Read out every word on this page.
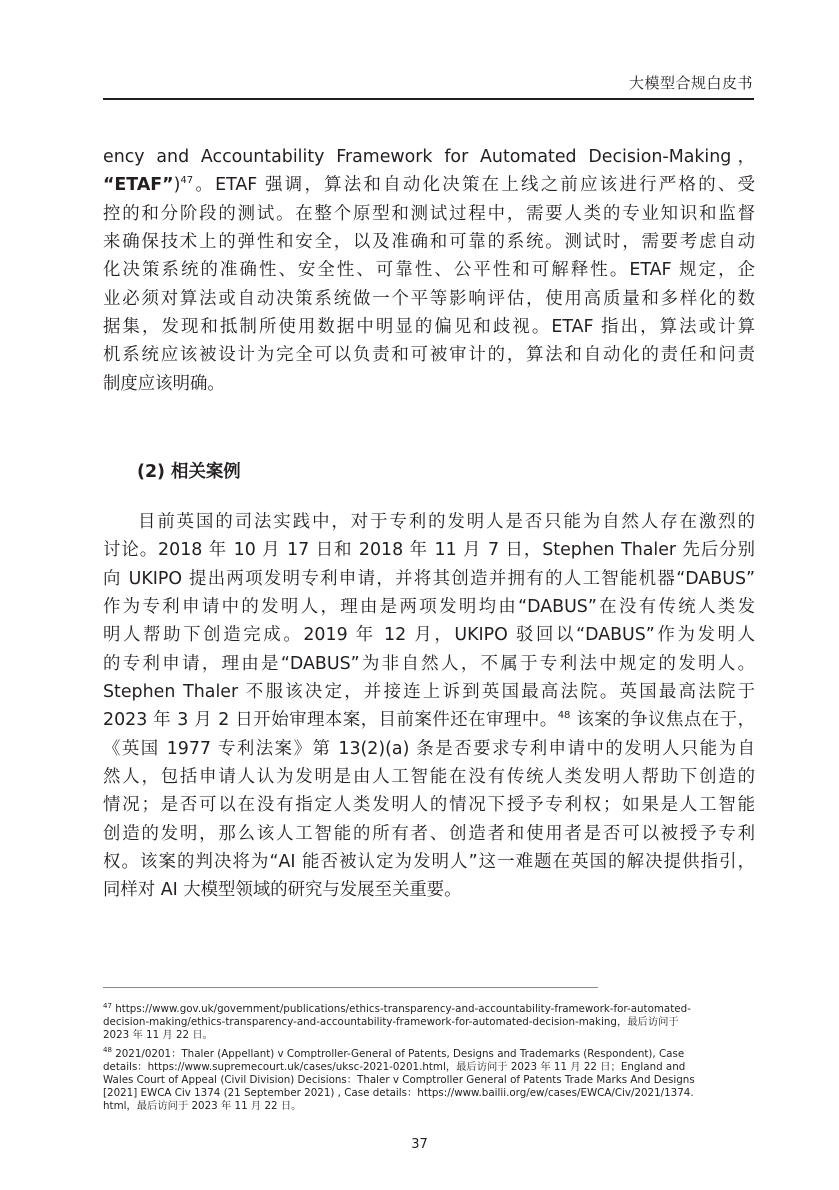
大模型合规白皮书
ency and Accountability Framework for Automated Decision-Making，
“ETAF”)$^{47}$。ETAF 强调，算法和自动化决策在上线之前应该进行严格的、受
控的和分阶段的测试。在整个原型和测试过程中，需要人类的专业知识和监督
来确保技术上的弹性和安全，以及准确和可靠的系统。测试时，需要考虑自动
化决策系统的准确性、安全性、可靠性、公平性和可解释性。ETAF 规定，企
业必须对算法或自动决策系统做一个平等影响评估，使用高质量和多样化的数
据集，发现和抵制所使用数据中明显的偏见和歧视。ETAF 指出，算法或计算
机系统应该被设计为完全可以负责和可被审计的，算法和自动化的责任和问责
制度应该明确。
(2) 相关案例
目前英国的司法实践中，对于专利的发明人是否只能为自然人存在激烈的
讨论。2018 年 10 月 17 日和 2018 年 11 月 7 日，Stephen Thaler 先后分别
向 UKIPO 提出两项发明专利申请，并将其创造并拥有的人工智能机器“DABUS”
作为专利申请中的发明人，理由是两项发明均由“DABUS”在没有传统人类发
明人帮助下创造完成。2019 年 12 月，UKIPO 驳回以“DABUS”作为发明人
的专利申请，理由是“DABUS”为非自然人，不属于专利法中规定的发明人。
Stephen Thaler 不服该决定，并接连上诉到英国最高法院。英国最高法院于
2023 年 3 月 2 日开始审理本案，目前案件还在审理中。$^{48}$ 该案的争议焦点在于，
《英国 1977 专利法案》第 13(2)(a) 条是否要求专利申请中的发明人只能为自
然人，包括申请人认为发明是由人工智能在没有传统人类发明人帮助下创造的
情况；是否可以在没有指定人类发明人的情况下授予专利权；如果是人工智能
创造的发明，那么该人工智能的所有者、创造者和使用者是否可以被授予专利
权。该案的判决将为“AI 能否被认定为发明人”这一难题在英国的解决提供指引，
同样对 AI 大模型领域的研究与发展至关重要。
$^{47}$ https://www.gov.uk/government/publications/ethics-transparency-and-accountability-framework-for-automated-
decision-making/ethics-transparency-and-accountability-framework-for-automated-decision-making，最后访问于
2023 年 11 月 22 日。
$^{48}$ 2021/0201：Thaler (Appellant) v Comptroller-General of Patents, Designs and Trademarks (Respondent), Case
details：https://www.supremecourt.uk/cases/uksc-2021-0201.html，最后访问于 2023 年 11 月 22 日；England and
Wales Court of Appeal (Civil Division) Decisions：Thaler v Comptroller General of Patents Trade Marks And Designs
[2021] EWCA Civ 1374 (21 September 2021) , Case details：https://www.bailii.org/ew/cases/EWCA/Civ/2021/1374.
html，最后访问于 2023 年 11 月 22 日。
37
